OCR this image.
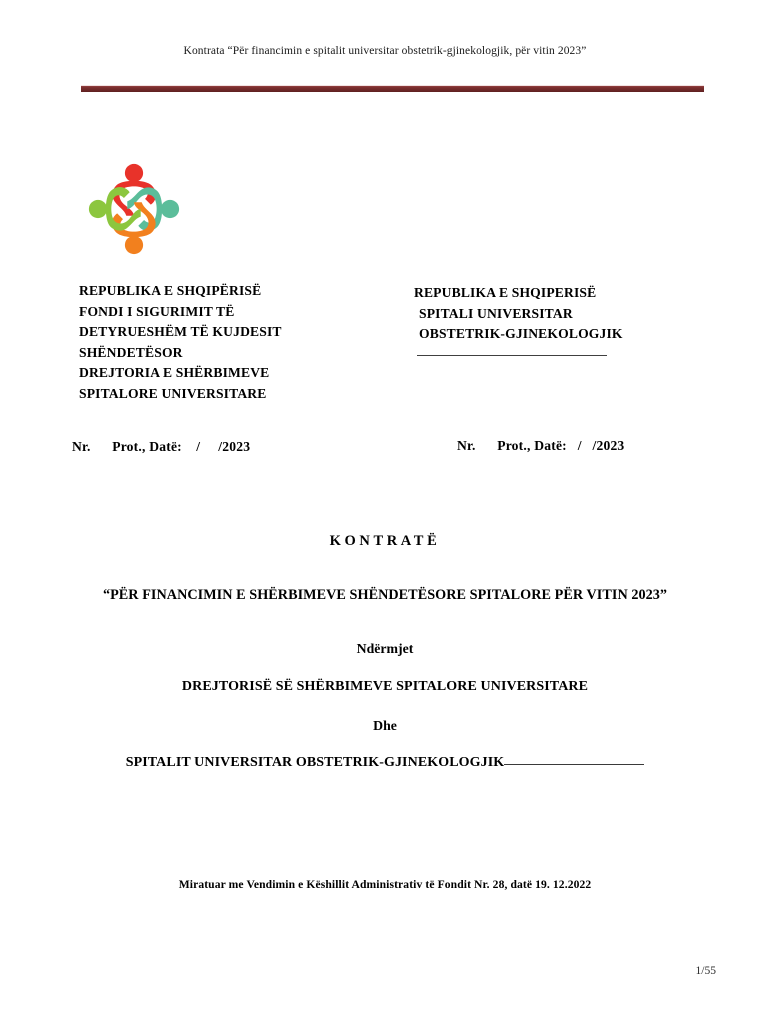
Kontrata “Për financimin e spitalit universitar obstetrik-gjinekologjik, për vitin 2023”
REPUBLIKA E SHQIPËRISË
FONDI I SIGURIMIT TË
DETYRUESHËM TË KUJDESIT
SHËNDETËSOR
DREJTORIA E SHËRBIMEVE
SPITALORE UNIVERSITARE
REPUBLIKA E SHQIPERISË
SPITALI UNIVERSITAR
OBSTETRIK-GJINEKOLOGJIK
Nr.      Prot., Datë:    /     /2023	Nr.      Prot., Datë:   /   /2023
KONTRATË
“PËR FINANCIMIN E SHËRBIMEVE SHËNDETËSORE SPITALORE PËR VITIN 2023”
Ndërmjet
DREJTORISË SË SHËRBIMEVE SPITALORE UNIVERSITARE
Dhe
SPITALIT UNIVERSITAR OBSTETRIK-GJINEKOLOGJIK
Miratuar me Vendimin e Këshillit Administrativ të Fondit Nr. 28, datë 19. 12.2022
1/55
